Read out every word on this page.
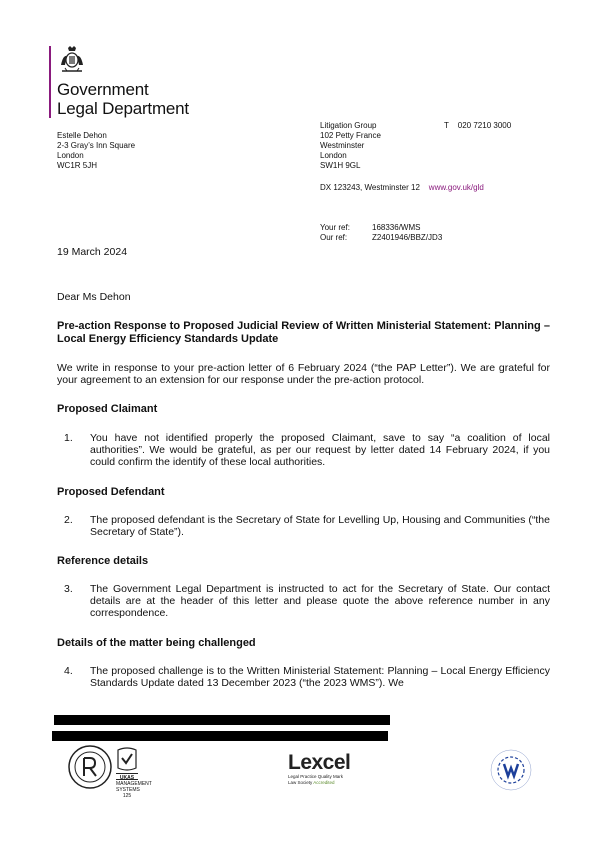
Government
Legal Department
Estelle Dehon
2-3 Gray’s Inn Square
London
WC1R 5JH
Litigation Group
102 Petty France
Westminster
London
SW1H 9GL
T 020 7210 3000
DX 123243, Westminster 12 www.gov.uk/gld
Your ref:	168336/WMS
Our ref:	Z2401946/BBZ/JD3
19 March 2024
Dear Ms Dehon
Pre-action Response to Proposed Judicial Review of Written Ministerial Statement: Planning – Local Energy Efficiency Standards Update
We write in response to your pre-action letter of 6 February 2024 (“the PAP Letter”). We are grateful for your agreement to an extension for our response under the pre-action protocol.
Proposed Claimant
1. You have not identified properly the proposed Claimant, save to say “a coalition of local authorities”. We would be grateful, as per our request by letter dated 14 February 2024, if you could confirm the identify of these local authorities.
Proposed Defendant
2. The proposed defendant is the Secretary of State for Levelling Up, Housing and Communities (“the Secretary of State”).
Reference details
3. The Government Legal Department is instructed to act for the Secretary of State. Our contact details are at the header of this letter and please quote the above reference number in any correspondence.
Details of the matter being challenged
4. The proposed challenge is to the Written Ministerial Statement: Planning – Local Energy Efficiency Standards Update dated 13 December 2023 (“the 2023 WMS”). We
UKAS
MANAGEMENT SYSTEMS
125
Lexcel
Legal Practice Quality Mark
Law Society Accredited
